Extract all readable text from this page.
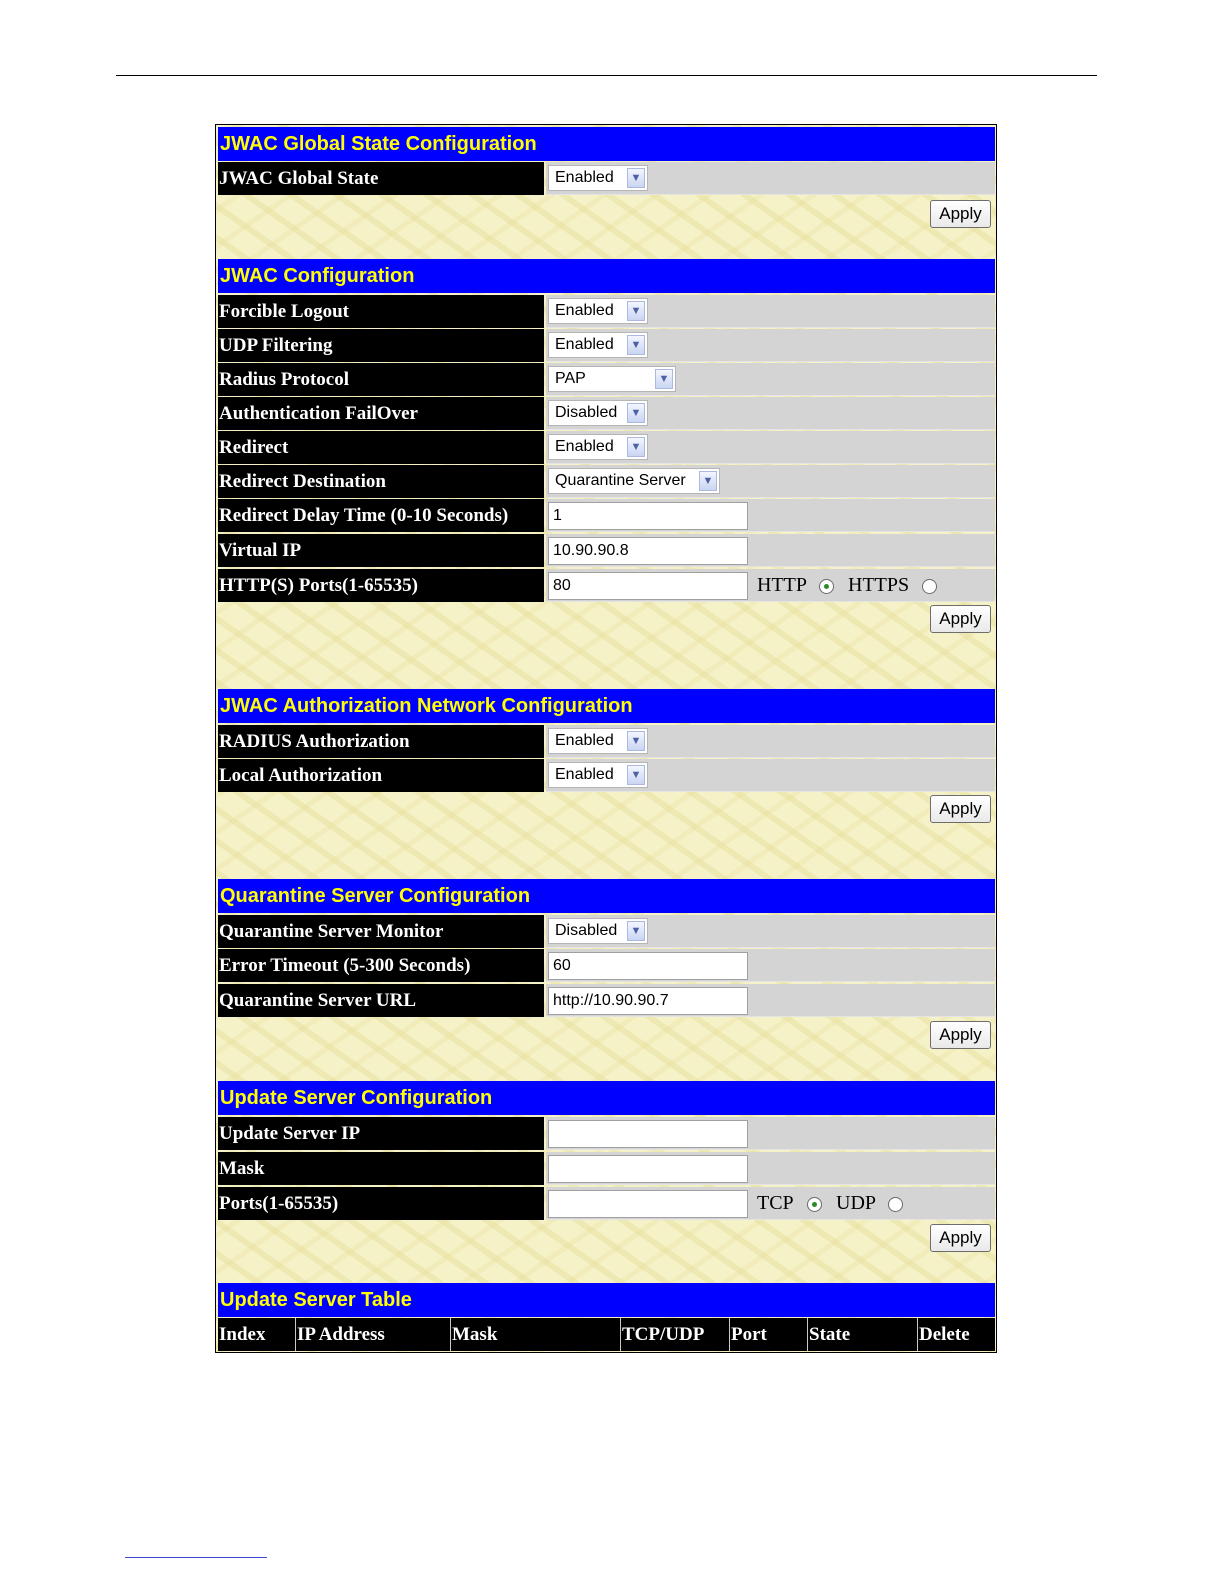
JWAC Global State Configuration
JWAC Global State	Enabled	▼
Apply
JWAC Configuration
Forcible Logout	Enabled	▼
UDP Filtering	Enabled	▼
Radius Protocol	PAP	▼
Authentication FailOver	Disabled	▼
Redirect	Enabled	▼
Redirect Destination	Quarantine Server	▼
Redirect Delay Time (0-10 Seconds)	1
Virtual IP	10.90.90.8
HTTP(S) Ports(1-65535)	80	HTTP HTTPS
Apply
JWAC Authorization Network Configuration
RADIUS Authorization	Enabled	▼
Local Authorization	Enabled	▼
Apply
Quarantine Server Configuration
Quarantine Server Monitor	Disabled	▼
Error Timeout (5-300 Seconds)	60
Quarantine Server URL	http://10.90.90.7
Apply
Update Server Configuration
Update Server IP
Mask
Ports(1-65535)	TCP UDP
Apply
Update Server Table
Index	IP Address	Mask	TCP/UDP	Port	State	Delete
